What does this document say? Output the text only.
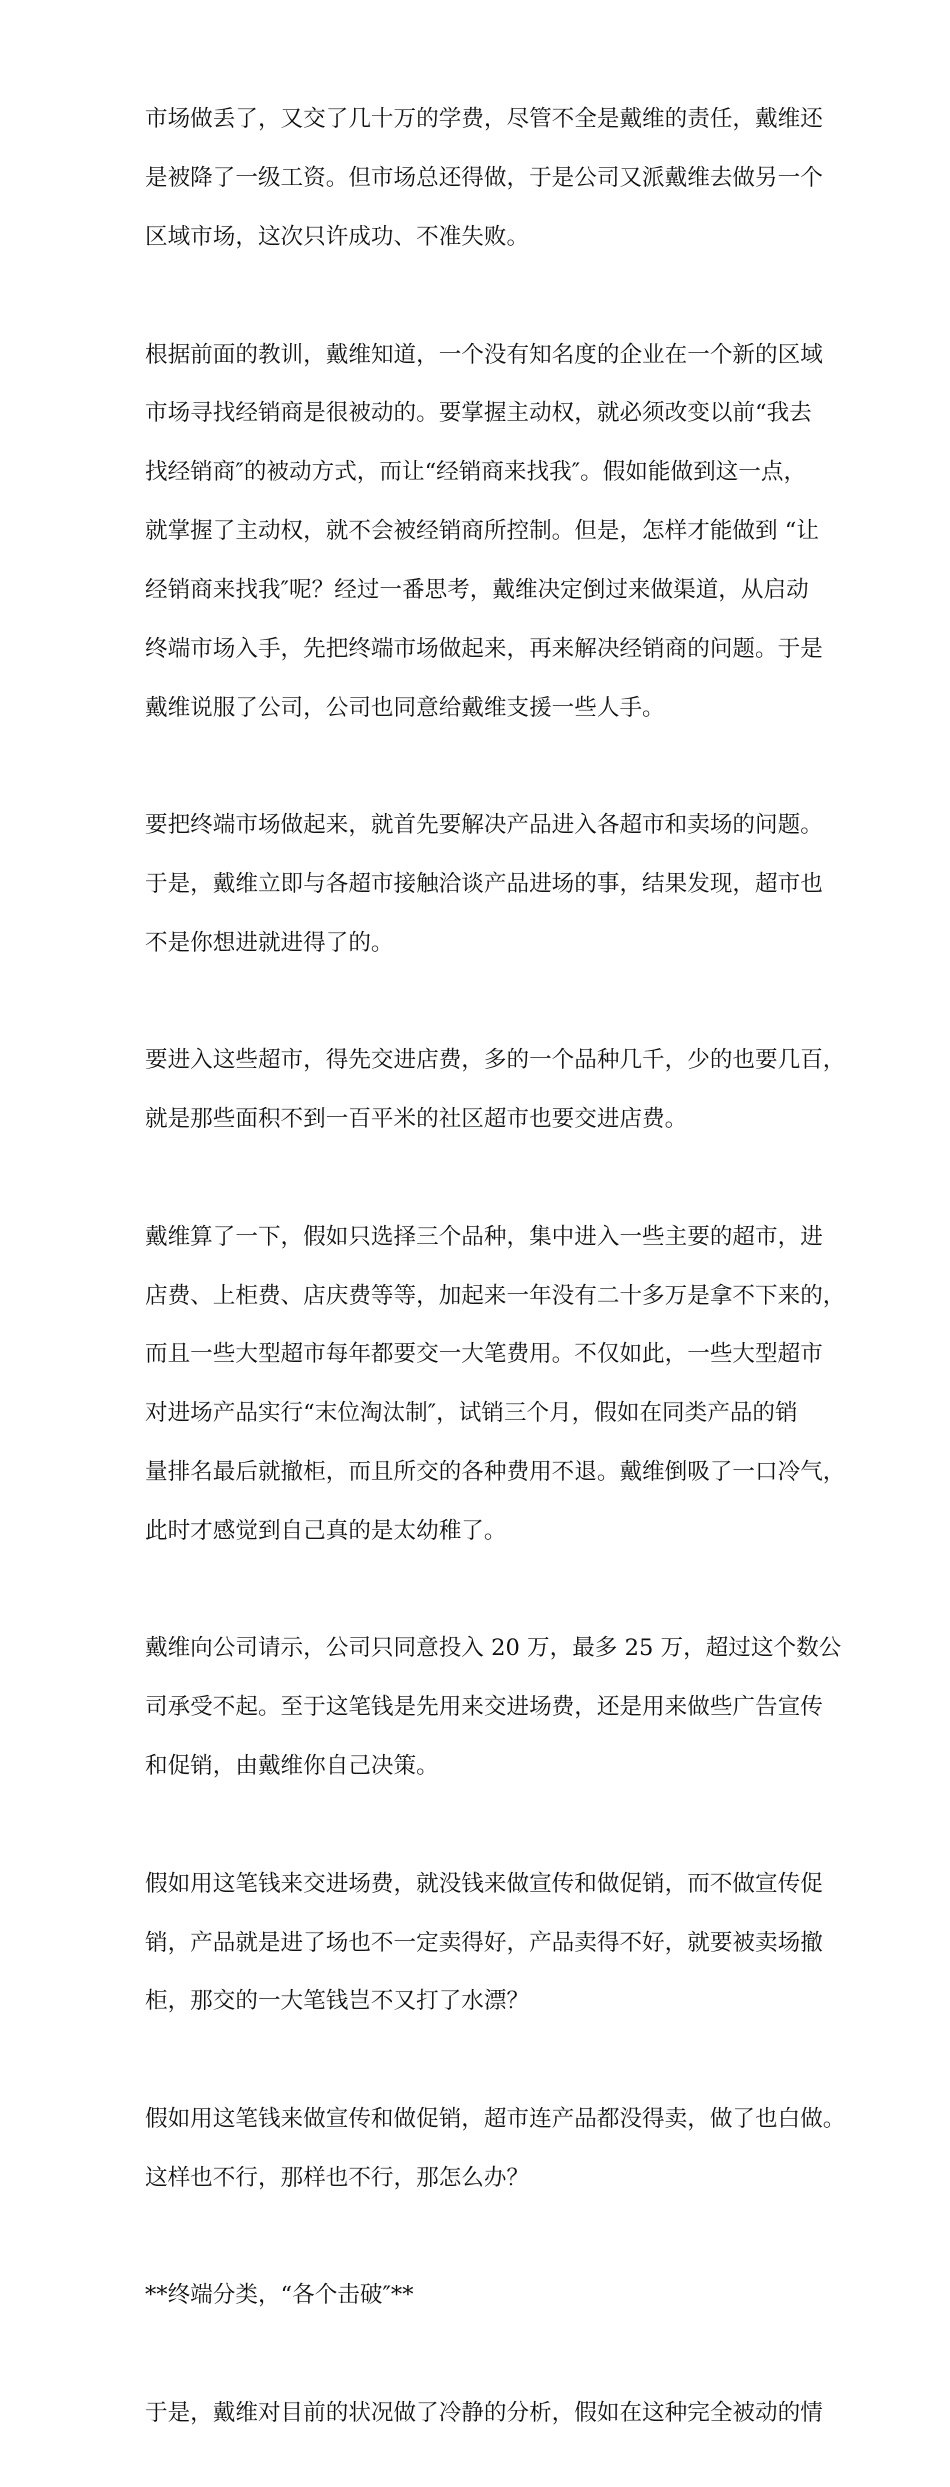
市场做丢了，又交了几十万的学费，尽管不全是戴维的责任，戴维还

是被降了一级工资。但市场总还得做，于是公司又派戴维去做另一个

区域市场，这次只许成功、不准失败。

根据前面的教训，戴维知道，一个没有知名度的企业在一个新的区域

市场寻找经销商是很被动的。要掌握主动权，就必须改变以前“我去

找经销商″的被动方式，而让“经销商来找我″。假如能做到这一点，

就掌握了主动权，就不会被经销商所控制。但是，怎样才能做到 “让

经销商来找我″呢？经过一番思考，戴维决定倒过来做渠道，从启动

终端市场入手，先把终端市场做起来，再来解决经销商的问题。于是

戴维说服了公司，公司也同意给戴维支援一些人手。

要把终端市场做起来，就首先要解决产品进入各超市和卖场的问题。

于是，戴维立即与各超市接触洽谈产品进场的事，结果发现，超市也

不是你想进就进得了的。

要进入这些超市，得先交进店费，多的一个品种几千，少的也要几百，

就是那些面积不到一百平米的社区超市也要交进店费。

戴维算了一下，假如只选择三个品种，集中进入一些主要的超市，进

店费、上柜费、店庆费等等，加起来一年没有二十多万是拿不下来的，

而且一些大型超市每年都要交一大笔费用。不仅如此，一些大型超市

对进场产品实行“末位淘汰制″，试销三个月，假如在同类产品的销

量排名最后就撤柜，而且所交的各种费用不退。戴维倒吸了一口冷气，

此时才感觉到自己真的是太幼稚了。

戴维向公司请示，公司只同意投入 20 万，最多 25 万，超过这个数公

司承受不起。至于这笔钱是先用来交进场费，还是用来做些广告宣传

和促销，由戴维你自己决策。

假如用这笔钱来交进场费，就没钱来做宣传和做促销，而不做宣传促

销，产品就是进了场也不一定卖得好，产品卖得不好，就要被卖场撤

柜，那交的一大笔钱岂不又打了水漂？

假如用这笔钱来做宣传和做促销，超市连产品都没得卖，做了也白做。

这样也不行，那样也不行，那怎么办？

**终端分类，“各个击破″**

于是，戴维对目前的状况做了冷静的分析，假如在这种完全被动的情
